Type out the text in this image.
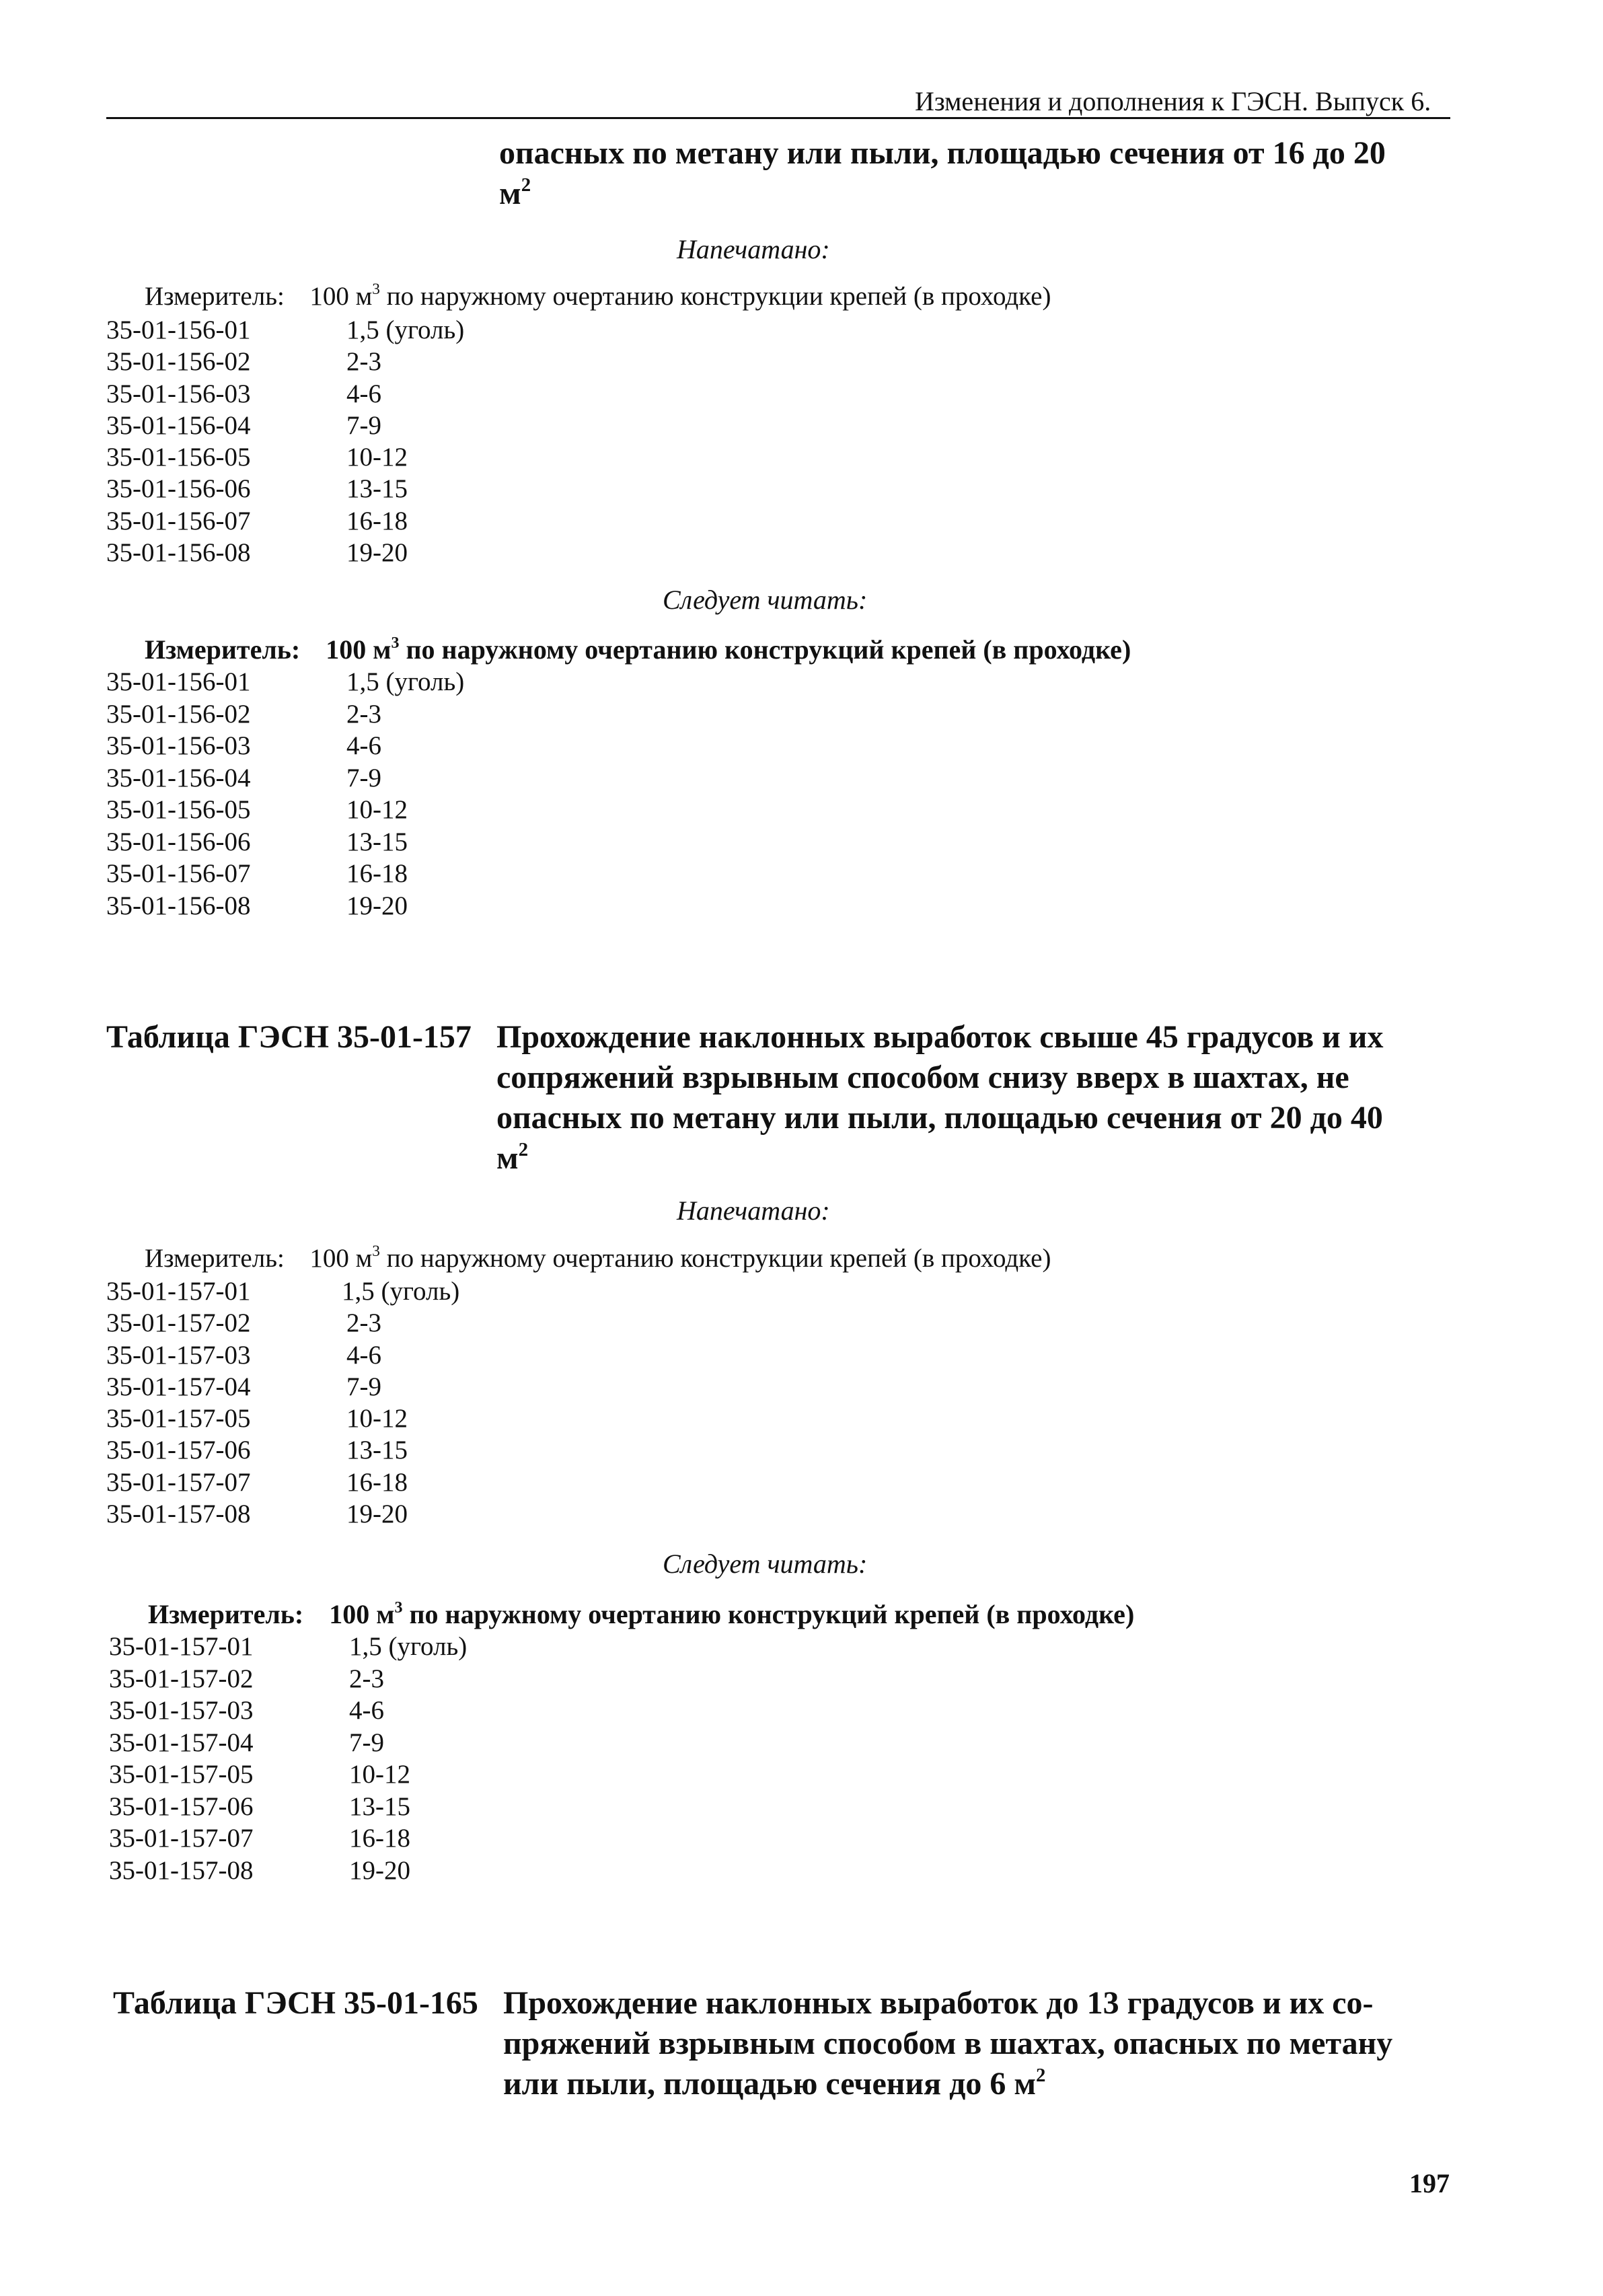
Изменения и дополнения к ГЭСН. Выпуск 6.
опасных по метану или пыли, площадью сечения от 16 до 20
$м^2$
Напечатано:
Измеритель: 100 $м^3$ по наружному очертанию конструкции крепей (в проходке)
35-01-156-01	1,5 (уголь)
35-01-156-02	2-3
35-01-156-03	4-6
35-01-156-04	7-9
35-01-156-05	10-12
35-01-156-06	13-15
35-01-156-07	16-18
35-01-156-08	19-20
Следует читать:
Измеритель: 100 $м^3$ по наружному очертанию конструкций крепей (в проходке)
35-01-156-01	1,5 (уголь)
35-01-156-02	2-3
35-01-156-03	4-6
35-01-156-04	7-9
35-01-156-05	10-12
35-01-156-06	13-15
35-01-156-07	16-18
35-01-156-08	19-20
Таблица ГЭСН 35-01-157 Прохождение наклонных выработок свыше 45 градусов и их
сопряжений взрывным способом снизу вверх в шахтах, не
опасных по метану или пыли, площадью сечения от 20 до 40
$м^2$
Напечатано:
Измеритель: 100 $м^3$ по наружному очертанию конструкции крепей (в проходке)
35-01-157-01	1,5 (уголь)
35-01-157-02	2-3
35-01-157-03	4-6
35-01-157-04	7-9
35-01-157-05	10-12
35-01-157-06	13-15
35-01-157-07	16-18
35-01-157-08	19-20
Следует читать:
Измеритель: 100 $м^3$ по наружному очертанию конструкций крепей (в проходке)
35-01-157-01	1,5 (уголь)
35-01-157-02	2-3
35-01-157-03	4-6
35-01-157-04	7-9
35-01-157-05	10-12
35-01-157-06	13-15
35-01-157-07	16-18
35-01-157-08	19-20
Таблица ГЭСН 35-01-165 Прохождение наклонных выработок до 13 градусов и их со-
пряжений взрывным способом в шахтах, опасных по метану
или пыли, площадью сечения до 6 $м^2$
197
